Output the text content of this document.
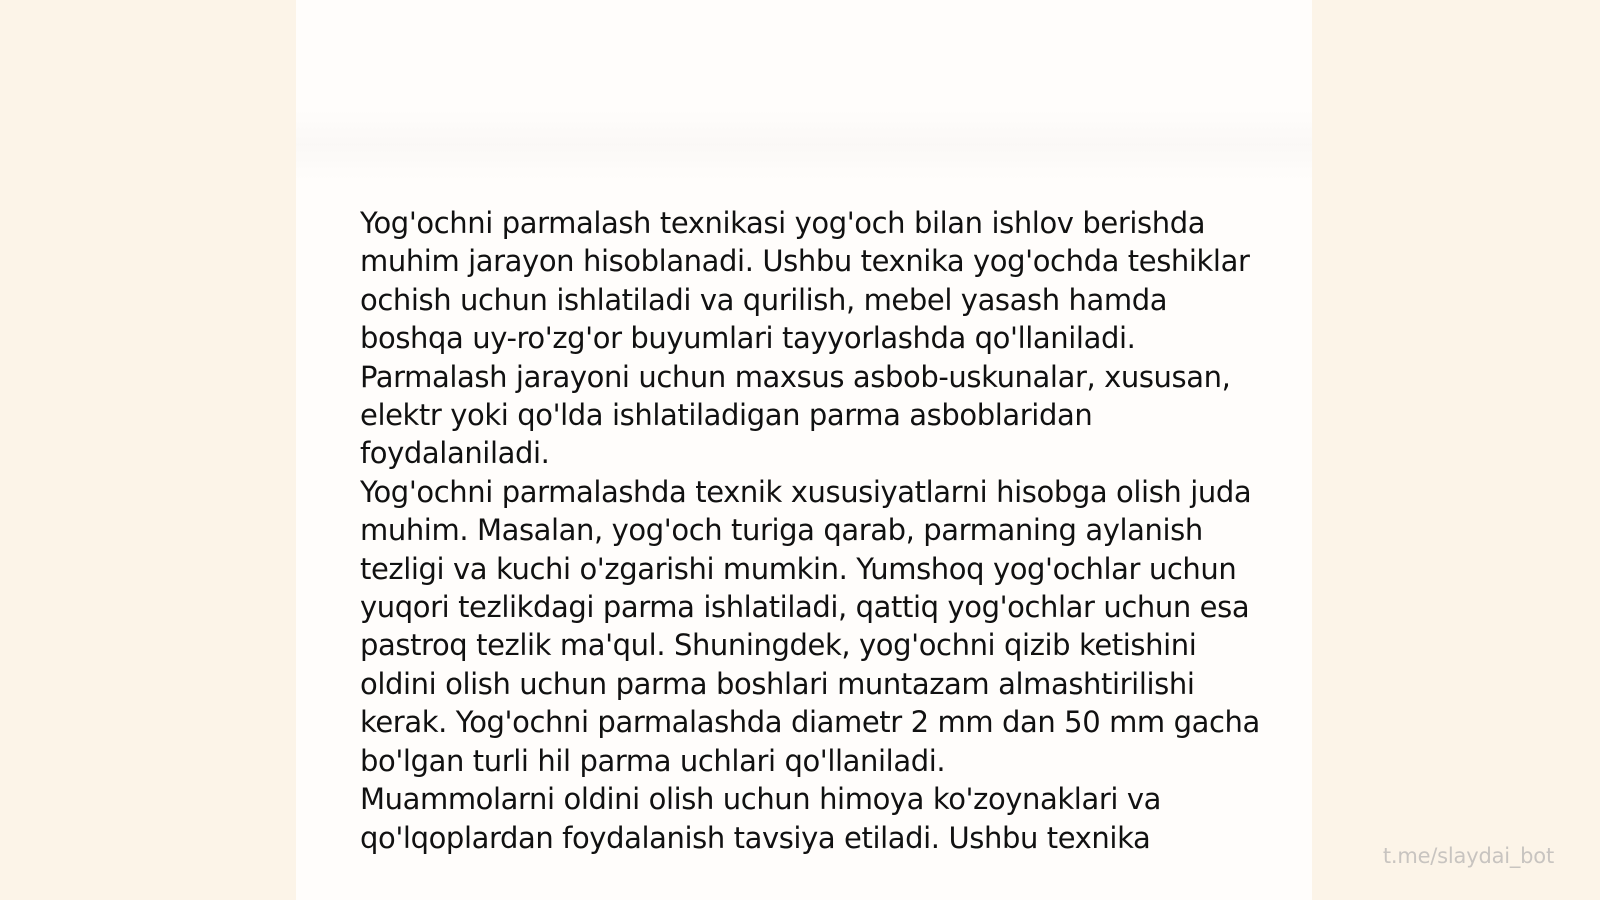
Yog'ochni parmalash texnikasi yog'och bilan ishlov berishda muhim jarayon hisoblanadi. Ushbu texnika yog'ochda teshiklar ochish uchun ishlatiladi va qurilish, mebel yasash hamda boshqa uy-ro'zg'or buyumlari tayyorlashda qo'llaniladi. Parmalash jarayoni uchun maxsus asbob-uskunalar, xususan, elektr yoki qo'lda ishlatiladigan parma asboblaridan foydalaniladi.

Yog'ochni parmalashda texnik xususiyatlarni hisobga olish juda muhim. Masalan, yog'och turiga qarab, parmaning aylanish tezligi va kuchi o'zgarishi mumkin. Yumshoq yog'ochlar uchun yuqori tezlikdagi parma ishlatiladi, qattiq yog'ochlar uchun esa pastroq tezlik ma'qul. Shuningdek, yog'ochni qizib ketishini oldini olish uchun parma boshlari muntazam almashtirilishi kerak. Yog'ochni parmalashda diametr 2 mm dan 50 mm gacha bo'lgan turli hil parma uchlari qo'llaniladi.

Muammolarni oldini olish uchun himoya ko'zoynaklari va qo'lqoplardan foydalanish tavsiya etiladi. Ushbu texnika

t.me/slaydai_bot
